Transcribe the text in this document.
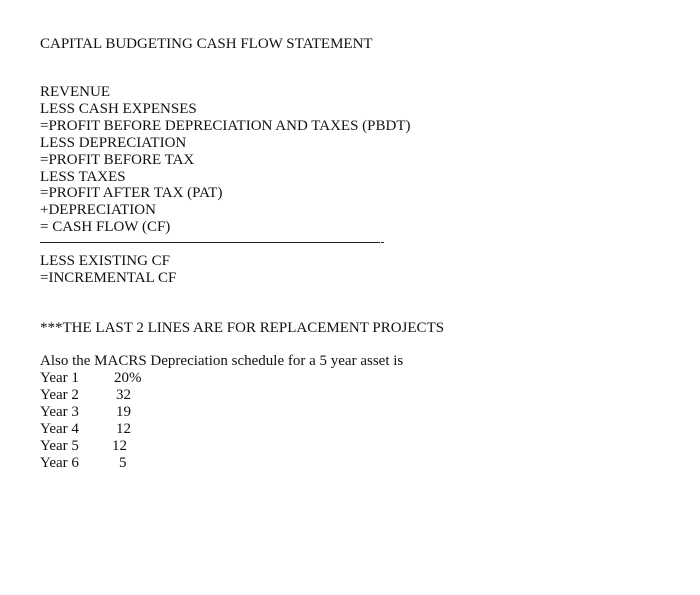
CAPITAL BUDGETING CASH FLOW STATEMENT
REVENUE
LESS CASH EXPENSES
=PROFIT BEFORE DEPRECIATION AND TAXES (PBDT)
LESS DEPRECIATION
=PROFIT BEFORE TAX
LESS TAXES
=PROFIT AFTER TAX (PAT)
+DEPRECIATION
= CASH FLOW (CF)
LESS EXISTING CF
=INCREMENTAL CF
***THE LAST 2 LINES ARE FOR REPLACEMENT PROJECTS
Also the MACRS Depreciation schedule for a 5 year asset is
Year 1	20%
Year 2	32
Year 3	19
Year 4	12
Year 5	12
Year 6	5
